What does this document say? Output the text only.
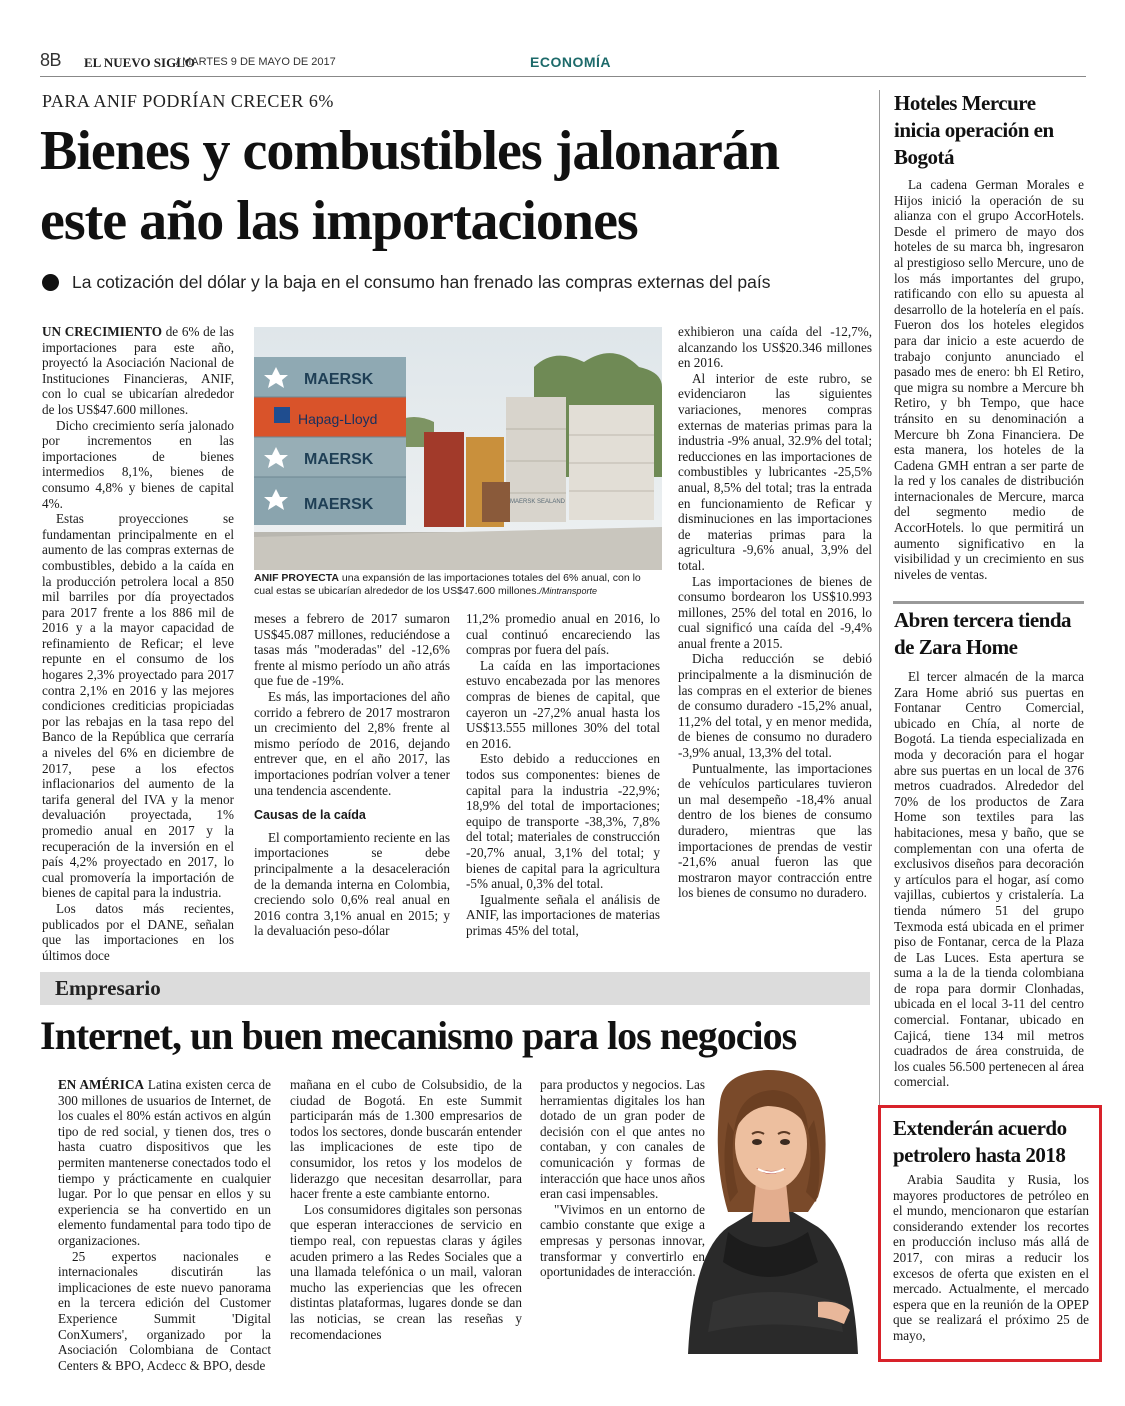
8B EL NUEVO SIGLO
/ MARTES 9 DE MAYO DE 2017	ECONOMÍA
PARA ANIF PODRÍAN CRECER 6%
Bienes y combustibles jalonarán este año las importaciones
La cotización del dólar y la baja en el consumo han frenado las compras externas del país

UN CRECIMIENTO de 6% de las importaciones para este año, proyectó la Asociación Nacional de Instituciones Financieras, ANIF, con lo cual se ubicarían alrededor de los US$47.600 millones.

Dicho crecimiento sería jalonado por incrementos en las importaciones de bienes intermedios 8,1%, bienes de consumo 4,8% y bienes de capital 4%.

Estas proyecciones se fundamentan principalmente en el aumento de las compras externas de combustibles, debido a la caída en la producción petrolera local a 850 mil barriles por día proyectados para 2017 frente a los 886 mil de 2016 y a la mayor capacidad de refinamiento de Reficar; el leve repunte en el consumo de los hogares 2,3% proyectado para 2017 contra 2,1% en 2016 y las mejores condiciones crediticias propiciadas por las rebajas en la tasa repo del Banco de la República que cerraría a niveles del 6% en diciembre de 2017, pese a los efectos inflacionarios del aumento de la tarifa general del IVA y la menor devaluación proyectada, 1% promedio anual en 2017 y la recuperación de la inversión en el país 4,2% proyectado en 2017, lo cual promovería la importación de bienes de capital para la industria.

Los datos más recientes, publicados por el DANE, señalan que las importaciones en los últimos doce

MAERSK
Hapag-Lloyd
MAERSK
MAERSK	MAERSK SEALAND
ANIF PROYECTA una expansión de las importaciones totales del 6% anual, con lo cual estas se ubicarían alrededor de los US$47.600 millones./Mintransporte

meses a febrero de 2017 sumaron US$45.087 millones, reduciéndose a tasas más "moderadas" del -12,6% frente al mismo período un año atrás que fue de -19%.

Es más, las importaciones del año corrido a febrero de 2017 mostraron un crecimiento del 2,8% frente al mismo período de 2016, dejando entrever que, en el año 2017, las importaciones podrían volver a tener una tendencia ascendente.

Causas de la caída

El comportamiento reciente en las importaciones se debe principalmente a la desaceleración de la demanda interna en Colombia, creciendo solo 0,6% real anual en 2016 contra 3,1% anual en 2015; y la devaluación peso-dólar

11,2% promedio anual en 2016, lo cual continuó encareciendo las compras por fuera del país.

La caída en las importaciones estuvo encabezada por las menores compras de bienes de capital, que cayeron un -27,2% anual hasta los US$13.555 millones 30% del total en 2016.

Esto debido a reducciones en todos sus componentes: bienes de capital para la industria -22,9%; 18,9% del total de importaciones; equipo de transporte -38,3%, 7,8% del total; materiales de construcción -20,7% anual, 3,1% del total; y bienes de capital para la agricultura -5% anual, 0,3% del total.

Igualmente señala el análisis de ANIF, las importaciones de materias primas 45% del total,

exhibieron una caída del -12,7%, alcanzando los US$20.346 millones en 2016.

Al interior de este rubro, se evidenciaron las siguientes variaciones, menores compras externas de materias primas para la industria -9% anual, 32.9% del total; reducciones en las importaciones de combustibles y lubricantes -25,5% anual, 8,5% del total; tras la entrada en funcionamiento de Reficar y disminuciones en las importaciones de materias primas para la agricultura -9,6% anual, 3,9% del total.

Las importaciones de bienes de consumo bordearon los US$10.993 millones, 25% del total en 2016, lo cual significó una caída del -9,4% anual frente a 2015.

Dicha reducción se debió principalmente a la disminución de las compras en el exterior de bienes de consumo duradero -15,2% anual, 11,2% del total, y en menor medida, de bienes de consumo no duradero -3,9% anual, 13,3% del total.

Puntualmente, las importaciones de vehículos particulares tuvieron un mal desempeño -18,4% anual dentro de los bienes de consumo duradero, mientras que las importaciones de prendas de vestir -21,6% anual fueron las que mostraron mayor contracción entre los bienes de consumo no duradero.

Empresario
Internet, un buen mecanismo para los negocios

EN AMÉRICA Latina existen cerca de 300 millones de usuarios de Internet, de los cuales el 80% están activos en algún tipo de red social, y tienen dos, tres o hasta cuatro dispositivos que les permiten mantenerse conectados todo el tiempo y prácticamente en cualquier lugar. Por lo que pensar en ellos y su experiencia se ha convertido en un elemento fundamental para todo tipo de organizaciones.

25 expertos nacionales e internacionales discutirán las implicaciones de este nuevo panorama en la tercera edición del Customer Experience Summit 'Digital ConXumers', organizado por la Asociación Colombiana de Contact Centers & BPO, Acdecc & BPO, desde

mañana en el cubo de Colsubsidio, de la ciudad de Bogotá. En este Summit participarán más de 1.300 empresarios de todos los sectores, donde buscarán entender las implicaciones de este tipo de consumidor, los retos y los modelos de liderazgo que necesitan desarrollar, para hacer frente a este cambiante entorno.

Los consumidores digitales son personas que esperan interacciones de servicio en tiempo real, con repuestas claras y ágiles acuden primero a las Redes Sociales que a una llamada telefónica o un mail, valoran mucho las experiencias que les ofrecen distintas plataformas, lugares donde se dan las noticias, se crean las reseñas y recomendaciones

para productos y negocios. Las herramientas digitales los han dotado de un gran poder de decisión con el que antes no contaban, y con canales de comunicación y formas de interacción que hace unos años eran casi impensables.

"Vivimos en un entorno de cambio constante que exige a empresas y personas innovar, transformar y convertirlo en oportunidades de interacción.

Hoteles Mercure inicia operación en Bogotá

La cadena German Morales e Hijos inició la operación de su alianza con el grupo AccorHotels. Desde el primero de mayo dos hoteles de su marca bh, ingresaron al prestigioso sello Mercure, uno de los más importantes del grupo, ratificando con ello su apuesta al desarrollo de la hotelería en el país. Fueron dos los hoteles elegidos para dar inicio a este acuerdo de trabajo conjunto anunciado el pasado mes de enero: bh El Retiro, que migra su nombre a Mercure bh Retiro, y bh Tempo, que hace tránsito en su denominación a Mercure bh Zona Financiera. De esta manera, los hoteles de la Cadena GMH entran a ser parte de la red y los canales de distribución internacionales de Mercure, marca del segmento medio de AccorHotels. lo que permitirá un aumento significativo en la visibilidad y un crecimiento en sus niveles de ventas.

Abren tercera tienda de Zara Home

El tercer almacén de la marca Zara Home abrió sus puertas en Fontanar Centro Comercial, ubicado en Chía, al norte de Bogotá. La tienda especializada en moda y decoración para el hogar abre sus puertas en un local de 376 metros cuadrados. Alrededor del 70% de los productos de Zara Home son textiles para las habitaciones, mesa y baño, que se complementan con una oferta de exclusivos diseños para decoración y artículos para el hogar, así como vajillas, cubiertos y cristalería. La tienda número 51 del grupo Texmoda está ubicada en el primer piso de Fontanar, cerca de la Plaza de Las Luces. Esta apertura se suma a la de la tienda colombiana de ropa para dormir Clonhadas, ubicada en el local 3-11 del centro comercial. Fontanar, ubicado en Cajicá, tiene 134 mil metros cuadrados de área construida, de los cuales 56.500 pertenecen al área comercial.

Extenderán acuerdo petrolero hasta 2018

Arabia Saudita y Rusia, los mayores productores de petróleo en el mundo, mencionaron que estarían considerando extender los recortes en producción incluso más allá de 2017, con miras a reducir los excesos de oferta que existen en el mercado. Actualmente, el mercado espera que en la reunión de la OPEP que se realizará el próximo 25 de mayo,
